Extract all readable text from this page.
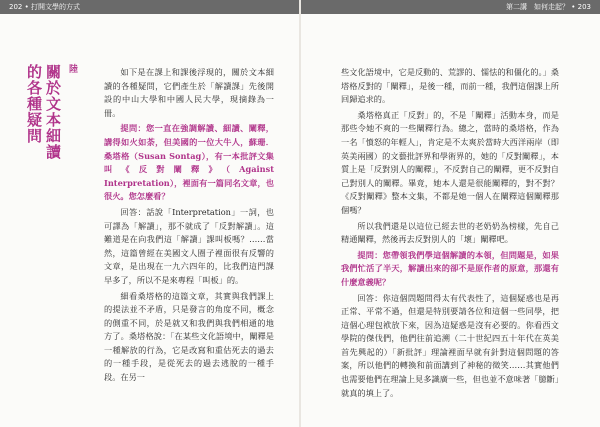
202 • 打開文學的方式
陸
關於文本細讀
的各種疑問	如下是在課上和課後浮現的，關於文本細讀的各種疑問，它們產生於「解讀課」先後開設的中山大學和中國人民大學，現摘錄為一冊。

提問：您一直在強調解讀、細讀、闡釋，講得如火如荼，但美國的一位大牛人，蘇珊．桑塔格（Susan Sontag），有一本批評文集叫《反對闡釋》（Against Interpretation），裡面有一篇同名文章，也很火。您怎麼看？

回答：話說「Interpretation」一詞，也可譯為「解讀」，那不就成了「反對解讀」。這難道是在向我們這「解讀」課叫板嗎？……當然，這篇曾經在美國文人圈子裡面很有反響的文章，是出現在一九六四年的，比我們這門課早多了，所以不是來專程「叫板」的。

細看桑塔格的這篇文章，其實與我們課上的提法並不矛盾，只是發言的角度不同，概念的側重不同，於是就又和我們與我們相通的地方了。桑塔格說：「在某些文化語境中，闡釋是一種解放的行為，它是改寫和重估死去的過去的一種手段，是從死去的過去逃脫的一種手段。在另一

第二講　如何走起？ • 203

些文化語境中，它是反動的、荒謬的、懦怯的和僵化的。」桑塔格反對的「闡釋」，是後一種，而前一種，我們這個課上所回歸追求的。

桑塔格真正「反對」的，不是「闡釋」活動本身，而是那些令她不爽的一些闡釋行為。總之，當時的桑塔格，作為一名「憤怒的年輕人」，肯定是不太爽於當時大西洋兩岸（即英美兩國）的文藝批評界和學術界的，她的「反對闡釋」，本質上是「反對別人的闡釋」，不反對自己的闡釋，更不反對自己對別人的闡釋。畢竟，她本人還是很能闡釋的，對不對？《反對闡釋》整本文集，不都是她一個人在闡釋這個闡釋那個嗎？

所以我們還是以這位已經去世的老奶奶為榜樣，先自己精通闡釋，然後再去反對別人的「壞」闡釋吧。

提問：您帶領我們學這個解讀的本領，但問題是，如果我們忙活了半天，解讀出來的卻不是原作者的原意，那還有什麼意義呢？

回答：你這個問題問得太有代表性了，這個疑惑也是再正常、平常不過，但還是特別要請各位和這個一些同學，把這個心理包袱放下來，因為這疑惑是沒有必要的。你看西文學院的傑伐們，他們往前追溯（二十世紀四五十年代在英美首先興起的）「新批評」理論裡面早就有針對這個問題的答案，所以他們的轉換和前面講到了神秘的徵笑……其實他們也需要他們在理論上見多識廣一些，但也並不意味著「臆斷」就真的填上了。
